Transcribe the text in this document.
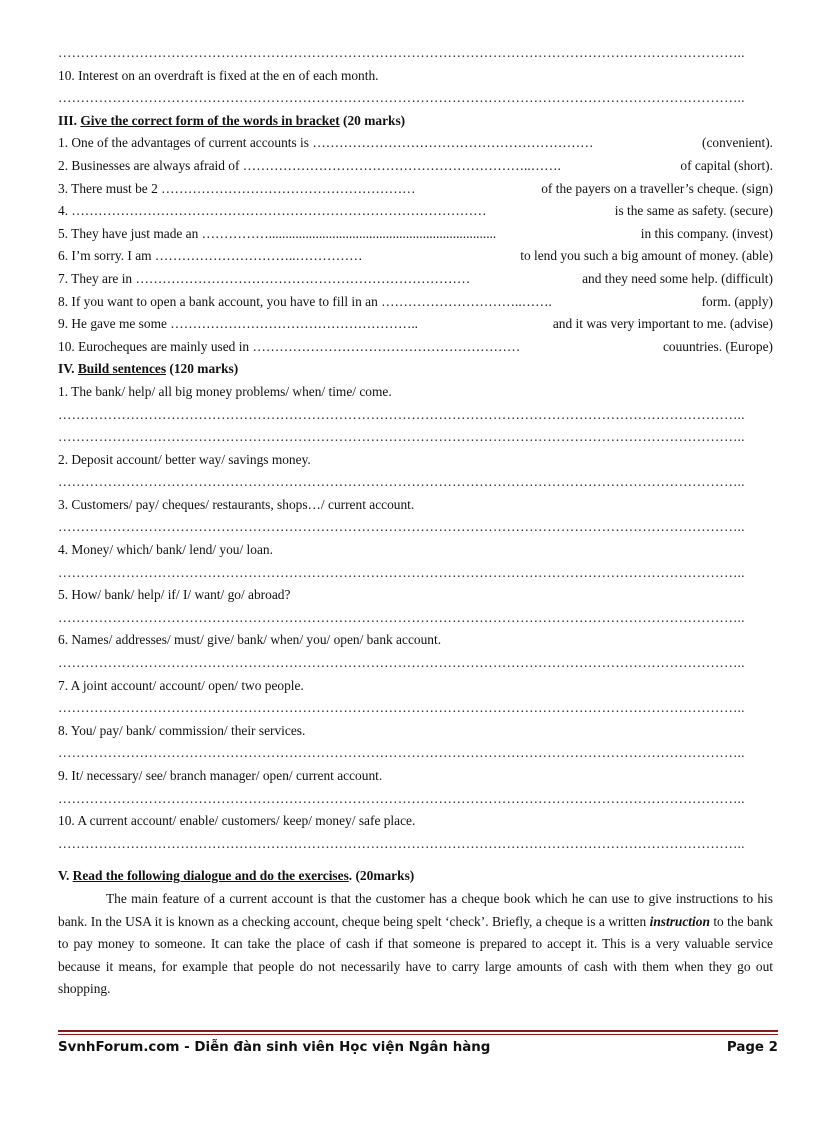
……………………………………………………………………………………………………………………………………..
10. Interest on an overdraft is fixed at the en of each month.
……………………………………………………………………………………………………………………………………..
III. Give the correct form of the words in bracket (20 marks)
1. One of the advantages of current accounts is ………………………………………………………	(convenient).
2. Businesses are always afraid of ………………………………………………………..…….	of capital (short).
3. There must be 2 …………………………………………………	of the payers on a traveller’s cheque. (sign)
4. …………………………………………………………………………………	is the same as safety. (secure)
5. They have just made an ……………....................................................................	in this company. (invest)
6. I’m sorry. I am …………………………..……………	to lend you such a big amount of money. (able)
7. They are in …………………………………………………………………	and they need some help. (difficult)
8. If you want to open a bank account, you have to fill in an …………………………..…….	form. (apply)
9. He gave me some ………………………………………………..	and it was very important to me. (advise)
10. Eurocheques are mainly used in ……………………………………………………	couuntries. (Europe)
IV. Build sentences (120 marks)
1. The bank/ help/ all big money problems/ when/ time/ come.
……………………………………………………………………………………………………………………………………..
……………………………………………………………………………………………………………………………………..
2. Deposit account/ better way/ savings money.
……………………………………………………………………………………………………………………………………..
3. Customers/ pay/ cheques/ restaurants, shops…/ current account.
……………………………………………………………………………………………………………………………………..
4. Money/ which/ bank/ lend/ you/ loan.
……………………………………………………………………………………………………………………………………..
5. How/ bank/ help/ if/ I/ want/ go/ abroad?
……………………………………………………………………………………………………………………………………..
6. Names/ addresses/ must/ give/ bank/ when/ you/ open/ bank account.
……………………………………………………………………………………………………………………………………..
7. A joint account/ account/ open/ two people.
……………………………………………………………………………………………………………………………………..
8. You/ pay/ bank/ commission/ their services.
……………………………………………………………………………………………………………………………………..
9. It/ necessary/ see/ branch manager/ open/ current account.
……………………………………………………………………………………………………………………………………..
10. A current account/ enable/ customers/ keep/ money/ safe place.
……………………………………………………………………………………………………………………………………..
V. Read the following dialogue and do the exercises. (20marks)
The main feature of a current account is that the customer has a cheque book which he can use to give instructions to his bank. In the USA it is known as a checking account, cheque being spelt ‘check’. Briefly, a cheque is a written instruction to the bank to pay money to someone. It can take the place of cash if that someone is prepared to accept it. This is a very valuable service because it means, for example that people do not necessarily have to carry large amounts of cash with them when they go out shopping.
SvnhForum.com - Diễn đàn sinh viên Học viện Ngân hàng	Page 2
